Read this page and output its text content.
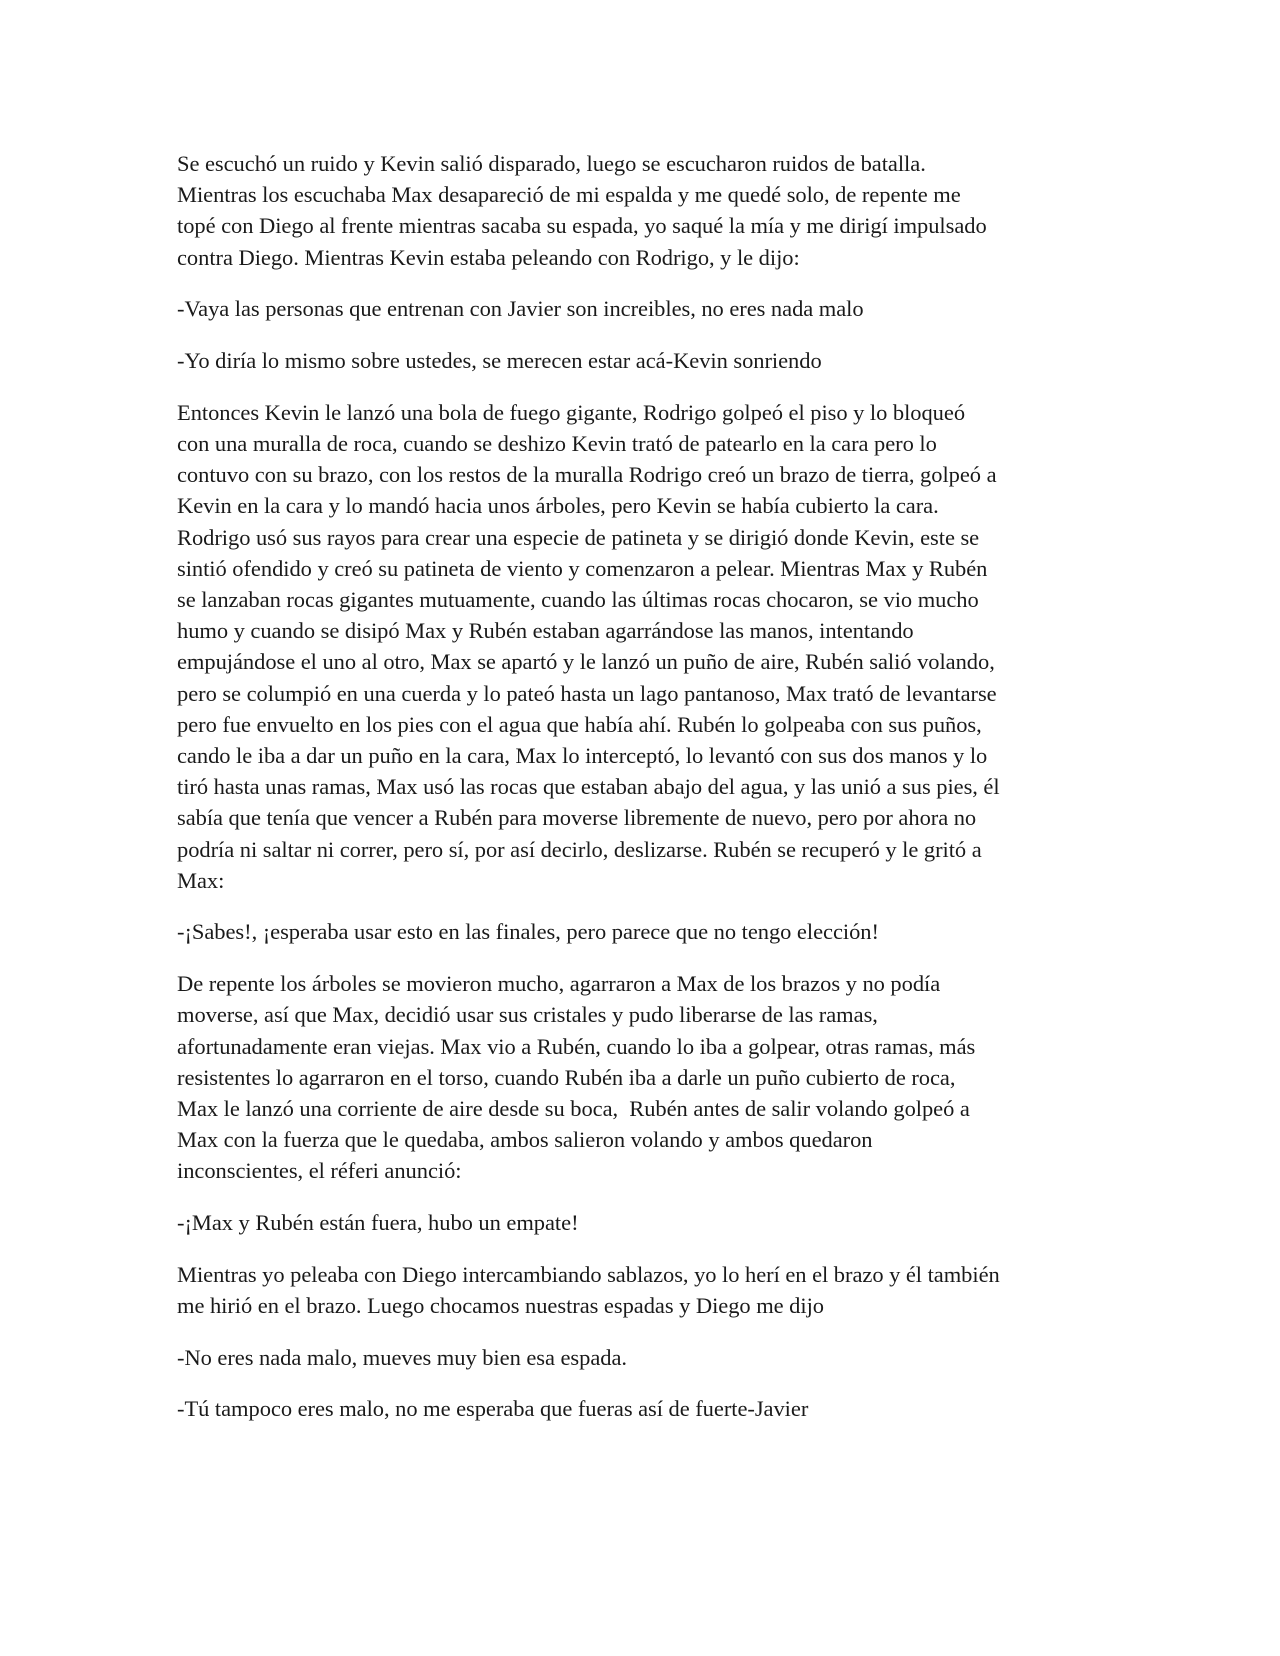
Se escuchó un ruido y Kevin salió disparado, luego se escucharon ruidos de batalla.
Mientras los escuchaba Max desapareció de mi espalda y me quedé solo, de repente me
topé con Diego al frente mientras sacaba su espada, yo saqué la mía y me dirigí impulsado
contra Diego. Mientras Kevin estaba peleando con Rodrigo, y le dijo:

-Vaya las personas que entrenan con Javier son increibles, no eres nada malo

-Yo diría lo mismo sobre ustedes, se merecen estar acá-Kevin sonriendo

Entonces Kevin le lanzó una bola de fuego gigante, Rodrigo golpeó el piso y lo bloqueó
con una muralla de roca, cuando se deshizo Kevin trató de patearlo en la cara pero lo
contuvo con su brazo, con los restos de la muralla Rodrigo creó un brazo de tierra, golpeó a
Kevin en la cara y lo mandó hacia unos árboles, pero Kevin se había cubierto la cara.
Rodrigo usó sus rayos para crear una especie de patineta y se dirigió donde Kevin, este se
sintió ofendido y creó su patineta de viento y comenzaron a pelear. Mientras Max y Rubén
se lanzaban rocas gigantes mutuamente, cuando las últimas rocas chocaron, se vio mucho
humo y cuando se disipó Max y Rubén estaban agarrándose las manos, intentando
empujándose el uno al otro, Max se apartó y le lanzó un puño de aire, Rubén salió volando,
pero se columpió en una cuerda y lo pateó hasta un lago pantanoso, Max trató de levantarse
pero fue envuelto en los pies con el agua que había ahí. Rubén lo golpeaba con sus puños,
cando le iba a dar un puño en la cara, Max lo interceptó, lo levantó con sus dos manos y lo
tiró hasta unas ramas, Max usó las rocas que estaban abajo del agua, y las unió a sus pies, él
sabía que tenía que vencer a Rubén para moverse libremente de nuevo, pero por ahora no
podría ni saltar ni correr, pero sí, por así decirlo, deslizarse. Rubén se recuperó y le gritó a
Max:

-¡Sabes!, ¡esperaba usar esto en las finales, pero parece que no tengo elección!

De repente los árboles se movieron mucho, agarraron a Max de los brazos y no podía
moverse, así que Max, decidió usar sus cristales y pudo liberarse de las ramas,
afortunadamente eran viejas. Max vio a Rubén, cuando lo iba a golpear, otras ramas, más
resistentes lo agarraron en el torso, cuando Rubén iba a darle un puño cubierto de roca,
Max le lanzó una corriente de aire desde su boca,  Rubén antes de salir volando golpeó a
Max con la fuerza que le quedaba, ambos salieron volando y ambos quedaron
inconscientes, el réferi anunció:

-¡Max y Rubén están fuera, hubo un empate!

Mientras yo peleaba con Diego intercambiando sablazos, yo lo herí en el brazo y él también
me hirió en el brazo. Luego chocamos nuestras espadas y Diego me dijo

-No eres nada malo, mueves muy bien esa espada.

-Tú tampoco eres malo, no me esperaba que fueras así de fuerte-Javier
